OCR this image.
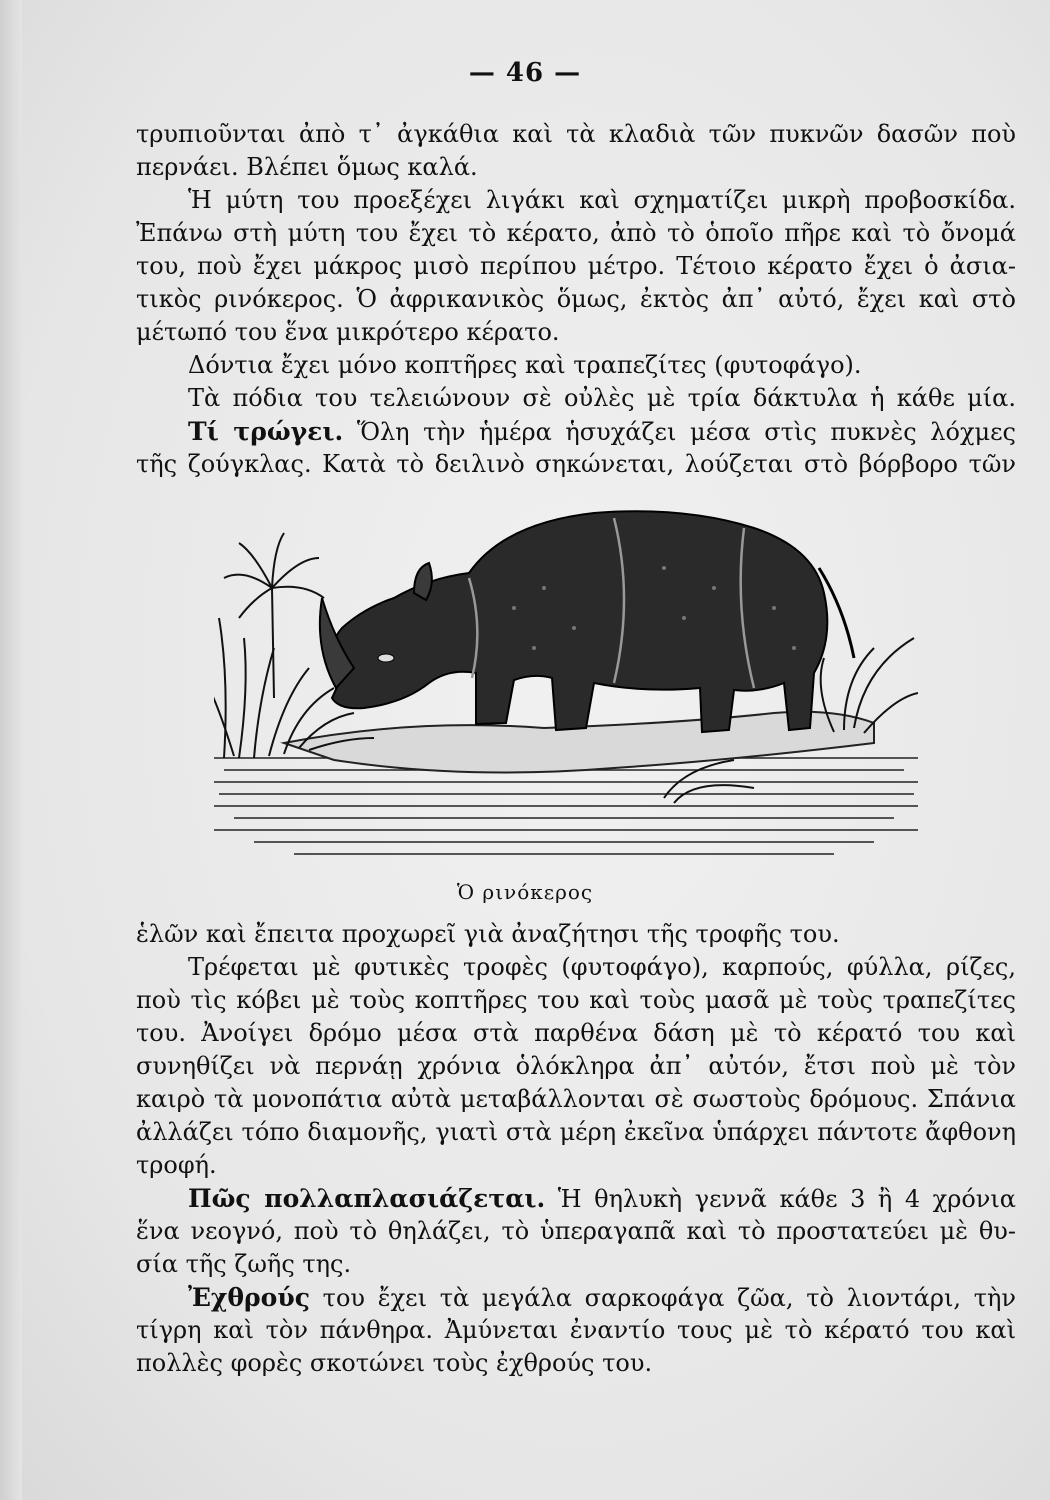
— 46 —
τρυπιοῦνται ἀπὸ τ᾿ ἀγκάθια καὶ τὰ κλαδιὰ τῶν πυκνῶν δασῶν ποὺ
περνάει. Βλέπει ὅμως καλά.
Ἡ μύτη του προεξέχει λιγάκι καὶ σχηματίζει μικρὴ προβοσκίδα.
Ἐπάνω στὴ μύτη του ἔχει τὸ κέρατο, ἀπὸ τὸ ὁποῖο πῆρε καὶ τὸ ὄνομά
του, ποὺ ἔχει μάκρος μισὸ περίπου μέτρο. Τέτοιο κέρατο ἔχει ὁ ἀσια-
τικὸς ρινόκερος. Ὁ ἀφρικανικὸς ὅμως, ἐκτὸς ἀπ᾿ αὐτό, ἔχει καὶ στὸ
μέτωπό του ἕνα μικρότερο κέρατο.
Δόντια ἔχει μόνο κοπτῆρες καὶ τραπεζίτες (φυτοφάγο).
Τὰ πόδια του τελειώνουν σὲ οὐλὲς μὲ τρία δάκτυλα ἡ κάθε μία.
Τί τρώγει. Ὅλη τὴν ἡμέρα ἡσυχάζει μέσα στὶς πυκνὲς λόχμες
τῆς ζούγκλας. Κατὰ τὸ δειλινὸ σηκώνεται, λούζεται στὸ βόρβορο τῶν
Ὁ ρινόκερος
ἑλῶν καὶ ἔπειτα προχωρεῖ γιὰ ἀναζήτησι τῆς τροφῆς του.
Τρέφεται μὲ φυτικὲς τροφὲς (φυτοφάγο), καρπούς, φύλλα, ρίζες,
ποὺ τὶς κόβει μὲ τοὺς κοπτῆρες του καὶ τοὺς μασᾶ μὲ τοὺς τραπεζίτες
του. Ἀνοίγει δρόμο μέσα στὰ παρθένα δάση μὲ τὸ κέρατό του καὶ
συνηθίζει νὰ περνάῃ χρόνια ὁλόκληρα ἀπ᾿ αὐτόν, ἔτσι ποὺ μὲ τὸν
καιρὸ τὰ μονοπάτια αὐτὰ μεταβάλλονται σὲ σωστοὺς δρόμους. Σπάνια
ἀλλάζει τόπο διαμονῆς, γιατὶ στὰ μέρη ἐκεῖνα ὑπάρχει πάντοτε ἄφθονη
τροφή.
Πῶς πολλαπλασιάζεται. Ἡ θηλυκὴ γεννᾶ κάθε 3 ἢ 4 χρόνια
ἕνα νεογνό, ποὺ τὸ θηλάζει, τὸ ὑπεραγαπᾶ καὶ τὸ προστατεύει μὲ θυ-
σία τῆς ζωῆς της.
Ἐχθρούς του ἔχει τὰ μεγάλα σαρκοφάγα ζῶα, τὸ λιοντάρι, τὴν
τίγρη καὶ τὸν πάνθηρα. Ἀμύνεται ἐναντίο τους μὲ τὸ κέρατό του καὶ
πολλὲς φορὲς σκοτώνει τοὺς ἐχθρούς του.
